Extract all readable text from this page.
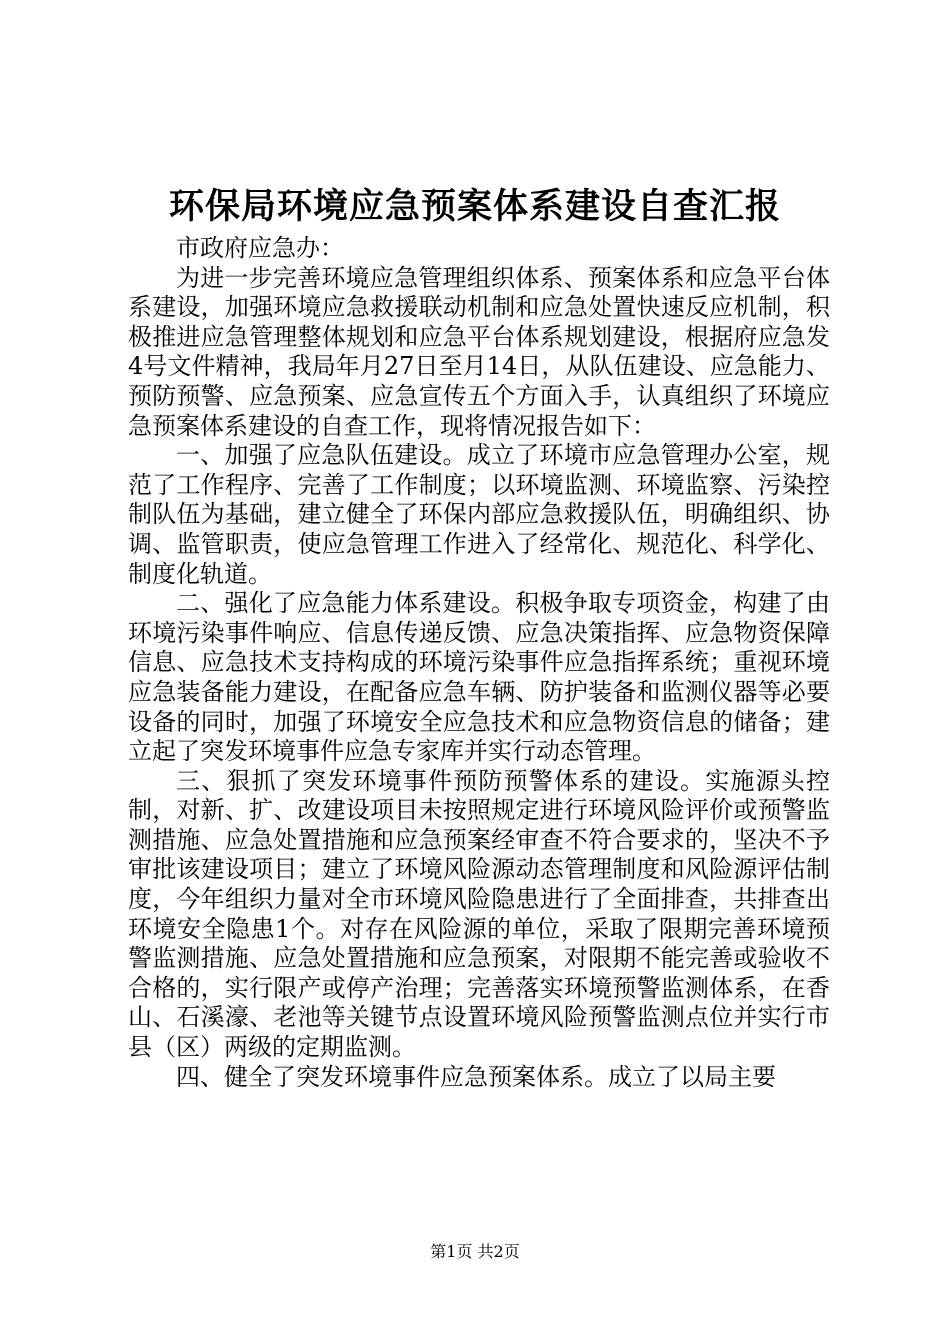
环保局环境应急预案体系建设自查汇报

市政府应急办：

为进一步完善环境应急管理组织体系、预案体系和应急平台体系建设，加强环境应急救援联动机制和应急处置快速反应机制，积极推进应急管理整体规划和应急平台体系规划建设，根据府应急发4号文件精神，我局年月27日至月14日，从队伍建设、应急能力、预防预警、应急预案、应急宣传五个方面入手，认真组织了环境应急预案体系建设的自查工作，现将情况报告如下：

一、加强了应急队伍建设。成立了环境市应急管理办公室，规范了工作程序、完善了工作制度；以环境监测、环境监察、污染控制队伍为基础，建立健全了环保内部应急救援队伍，明确组织、协调、监管职责，使应急管理工作进入了经常化、规范化、科学化、制度化轨道。

二、强化了应急能力体系建设。积极争取专项资金，构建了由环境污染事件响应、信息传递反馈、应急决策指挥、应急物资保障信息、应急技术支持构成的环境污染事件应急指挥系统；重视环境应急装备能力建设，在配备应急车辆、防护装备和监测仪器等必要设备的同时，加强了环境安全应急技术和应急物资信息的储备；建立起了突发环境事件应急专家库并实行动态管理。

三、狠抓了突发环境事件预防预警体系的建设。实施源头控制，对新、扩、改建设项目未按照规定进行环境风险评价或预警监测措施、应急处置措施和应急预案经审查不符合要求的，坚决不予审批该建设项目；建立了环境风险源动态管理制度和风险源评估制度，今年组织力量对全市环境风险隐患进行了全面排查，共排查出环境安全隐患1个。对存在风险源的单位，采取了限期完善环境预警监测措施、应急处置措施和应急预案，对限期不能完善或验收不合格的，实行限产或停产治理；完善落实环境预警监测体系，在香山、石溪濠、老池等关键节点设置环境风险预警监测点位并实行市县（区）两级的定期监测。

四、健全了突发环境事件应急预案体系。成立了以局主要

第1页 共2页
